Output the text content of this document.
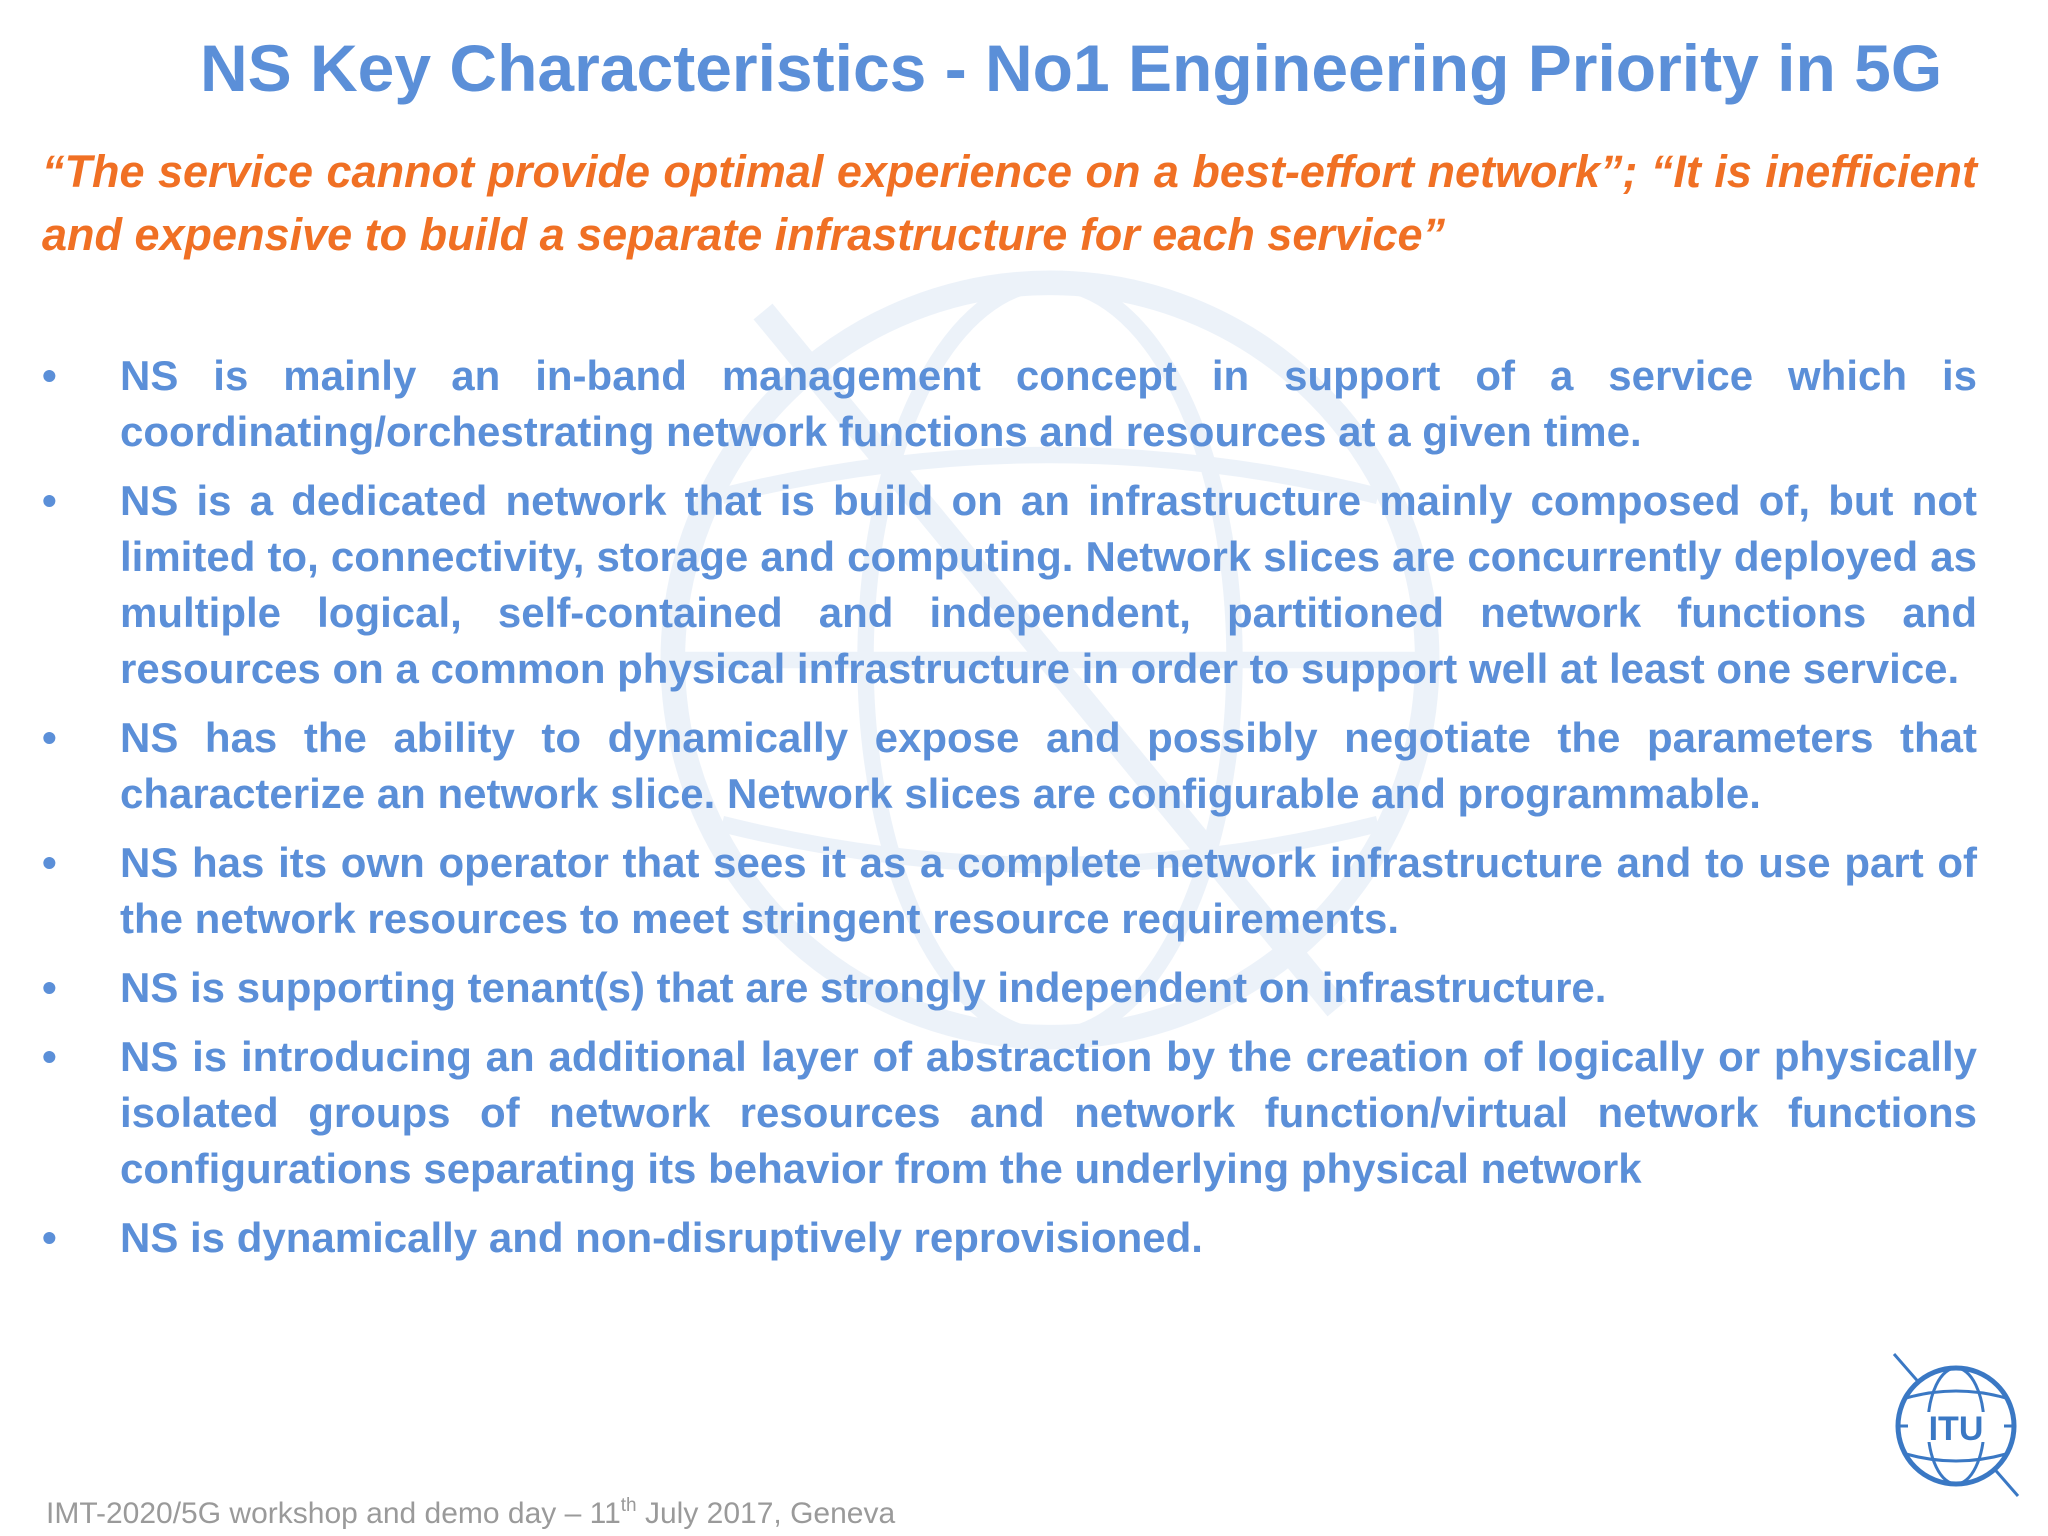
NS Key Characteristics - No1 Engineering Priority in 5G
“The service cannot provide optimal experience on a best-effort network”; “It is inefficient and expensive to build a separate infrastructure for each service”
•	NS is mainly an in-band management concept in support of a service which is coordinating/orchestrating network functions and resources at a given time.
•	NS is a dedicated network that is build on an infrastructure mainly composed of, but not limited to, connectivity, storage and computing. Network slices are concurrently deployed as multiple logical, self-contained and independent, partitioned network functions and resources on a common physical infrastructure in order to support well at least one service.
•	NS has the ability to dynamically expose and possibly negotiate the parameters that characterize an network slice. Network slices are configurable and programmable.
•	NS has its own operator that sees it as a complete network infrastructure and to use part of the network resources to meet stringent resource requirements.
•	NS is supporting tenant(s) that are strongly independent on infrastructure.
•	NS is introducing an additional layer of abstraction by the creation of logically or physically isolated groups of network resources and network function/virtual network functions configurations separating its behavior from the underlying physical network
•	NS is dynamically and non-disruptively reprovisioned.
IMT-2020/5G workshop and demo day – 11th July 2017, Geneva
ITU
